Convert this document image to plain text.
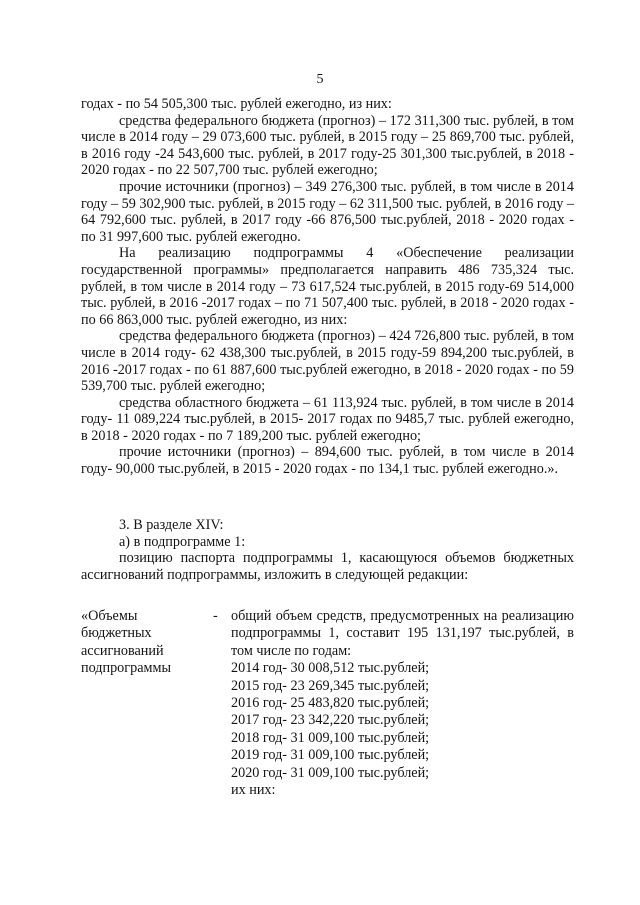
5

годах - по 54 505,300 тыс. рублей ежегодно, из них:

средства федерального бюджета (прогноз) – 172 311,300 тыс. рублей, в том числе в 2014 году – 29 073,600 тыс. рублей, в 2015 году – 25 869,700 тыс. рублей, в 2016 году -24 543,600 тыс. рублей, в 2017 году-25 301,300 тыс.рублей, в 2018 - 2020 годах - по 22 507,700 тыс. рублей ежегодно;

прочие источники (прогноз) – 349 276,300 тыс. рублей, в том числе в 2014 году – 59 302,900 тыс. рублей, в 2015 году – 62 311,500 тыс. рублей, в 2016 году – 64 792,600 тыс. рублей, в 2017 году -66 876,500 тыс.рублей, 2018 - 2020 годах - по 31 997,600 тыс. рублей ежегодно.

На реализацию подпрограммы 4 «Обеспечение реализации государственной программы» предполагается направить 486 735,324 тыс. рублей, в том числе в 2014 году – 73 617,524 тыс.рублей, в 2015 году-69 514,000 тыс. рублей, в 2016 -2017 годах – по 71 507,400 тыс. рублей, в 2018 - 2020 годах - по 66 863,000 тыс. рублей ежегодно, из них:

средства федерального бюджета (прогноз) – 424 726,800 тыс. рублей, в том числе в 2014 году- 62 438,300 тыс.рублей, в 2015 году-59 894,200 тыс.рублей, в 2016 -2017 годах - по 61 887,600 тыс.рублей ежегодно, в 2018 - 2020 годах - по 59 539,700 тыс. рублей ежегодно;

средства областного бюджета – 61 113,924 тыс. рублей, в том числе в 2014 году- 11 089,224 тыс.рублей, в 2015- 2017 годах по 9485,7 тыс. рублей ежегодно, в 2018 - 2020 годах - по 7 189,200 тыс. рублей ежегодно;

прочие источники (прогноз) – 894,600 тыс. рублей, в том числе в 2014 году- 90,000 тыс.рублей, в 2015 - 2020 годах - по 134,1 тыс. рублей ежегодно.».

3. В разделе XIV:

а) в подпрограмме 1:

позицию паспорта подпрограммы 1, касающуюся объемов бюджетных ассигнований подпрограммы, изложить в следующей редакции:

«Объемы
бюджетных
ассигнований
подпрограммы
- общий объем средств, предусмотренных на реализацию подпрограммы 1, составит 195 131,197 тыс.рублей, в том числе по годам:
2014 год- 30 008,512 тыс.рублей;
2015 год- 23 269,345 тыс.рублей;
2016 год- 25 483,820 тыс.рублей;
2017 год- 23 342,220 тыс.рублей;
2018 год- 31 009,100 тыс.рублей;
2019 год- 31 009,100 тыс.рублей;
2020 год- 31 009,100 тыс.рублей;
их них:
